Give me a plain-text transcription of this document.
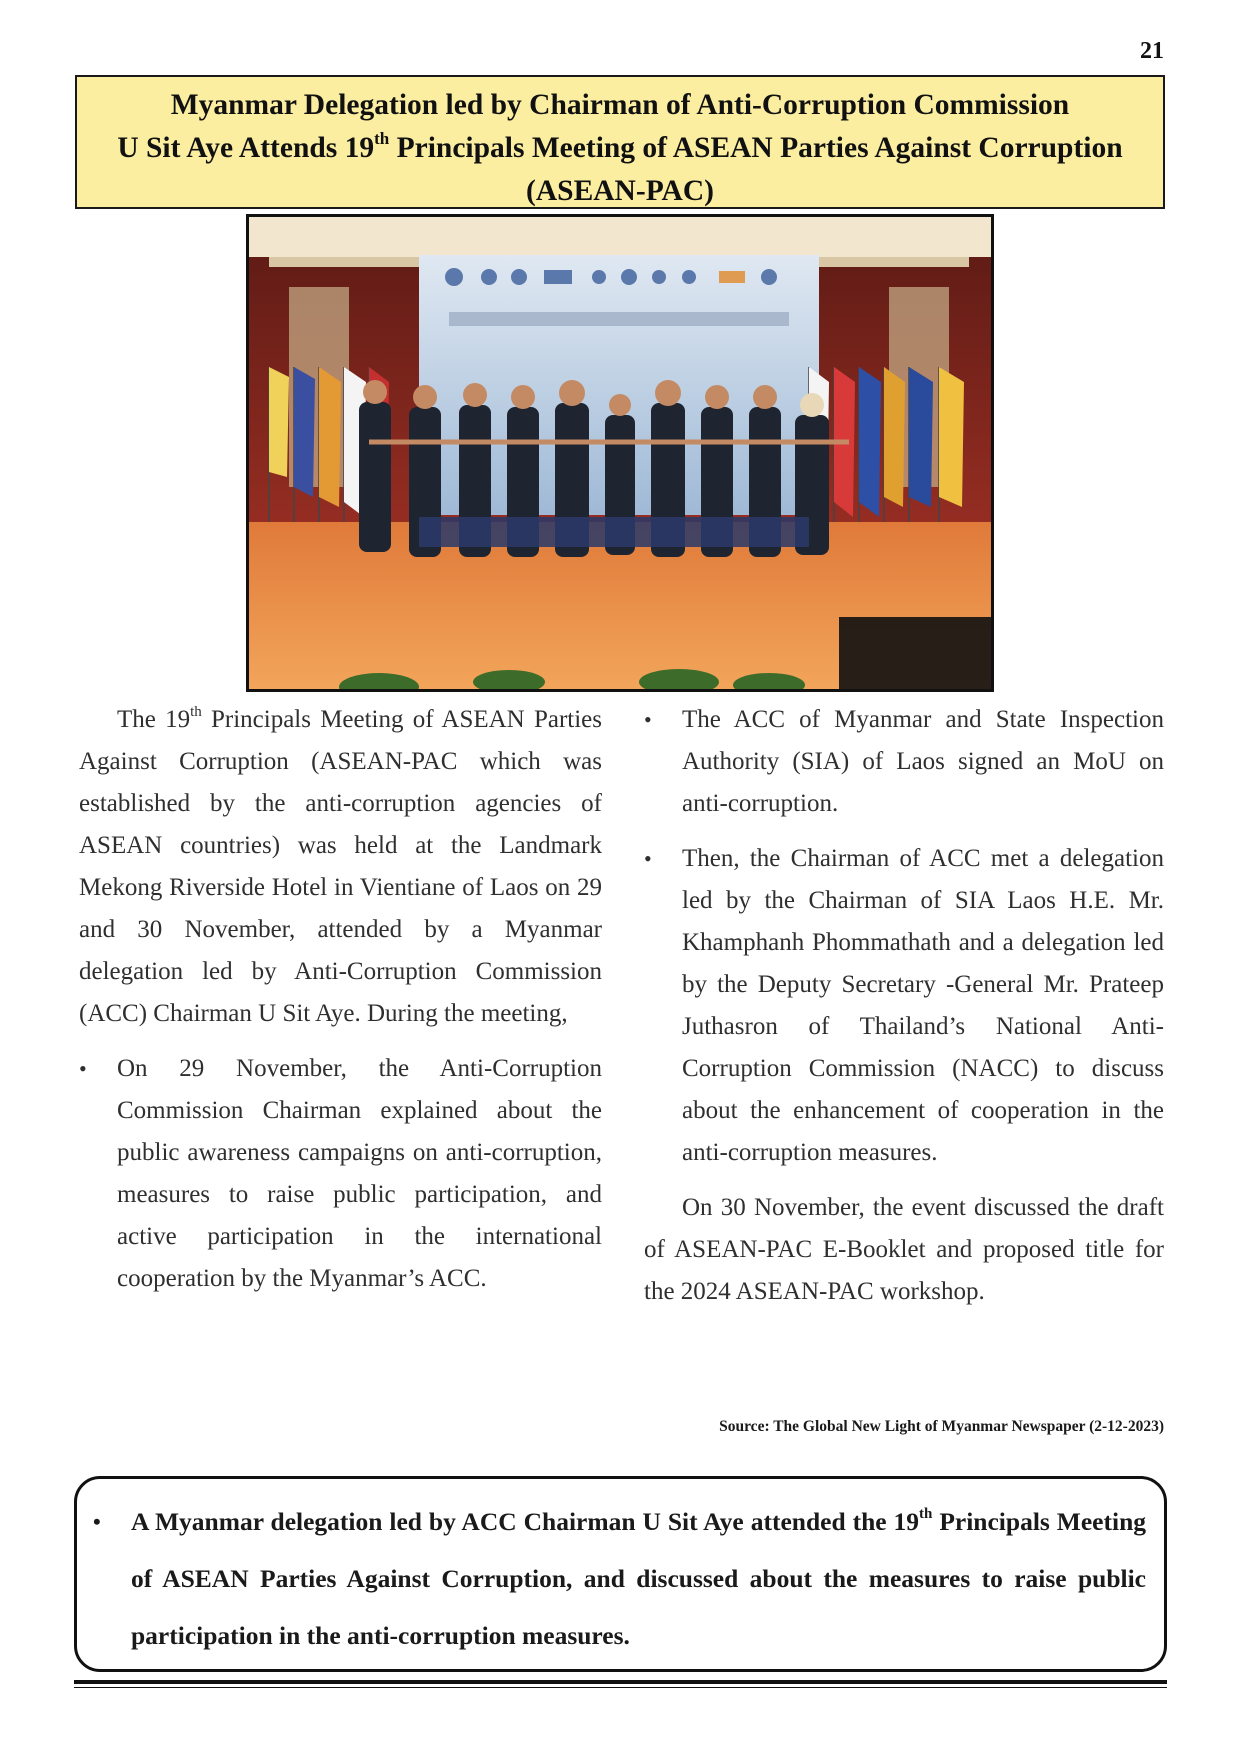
21
Myanmar Delegation led by Chairman of Anti-Corruption Commission
U Sit Aye Attends 19th Principals Meeting of ASEAN Parties Against Corruption
(ASEAN-PAC)

The 19th Principals Meeting of ASEAN Parties Against Corruption (ASEAN-PAC which was established by the anti-corruption agencies of ASEAN countries) was held at the Landmark Mekong Riverside Hotel in Vientiane of Laos on 29 and 30 November, attended by a Myanmar delegation led by Anti-Corruption Commission (ACC) Chairman U Sit Aye. During the meeting,

• On 29 November, the Anti-Corruption Commission Chairman explained about the public awareness campaigns on anti-corruption, measures to raise public participation, and active participation in the international cooperation by the Myanmar’s ACC.

• The ACC of Myanmar and State Inspection Authority (SIA) of Laos signed an MoU on anti-corruption.

• Then, the Chairman of ACC met a delegation led by the Chairman of SIA Laos H.E. Mr. Khamphanh Phommathath and a delegation led by the Deputy Secretary -General Mr. Prateep Juthasron of Thailand’s National Anti-Corruption Commission (NACC) to discuss about the enhancement of cooperation in the anti-corruption measures.

On 30 November, the event discussed the draft of ASEAN-PAC E-Booklet and proposed title for the 2024 ASEAN-PAC workshop.

Source: The Global New Light of Myanmar Newspaper (2-12-2023)

• A Myanmar delegation led by ACC Chairman U Sit Aye attended the 19th Principals Meeting of ASEAN Parties Against Corruption, and discussed about the measures to raise public participation in the anti-corruption measures.
